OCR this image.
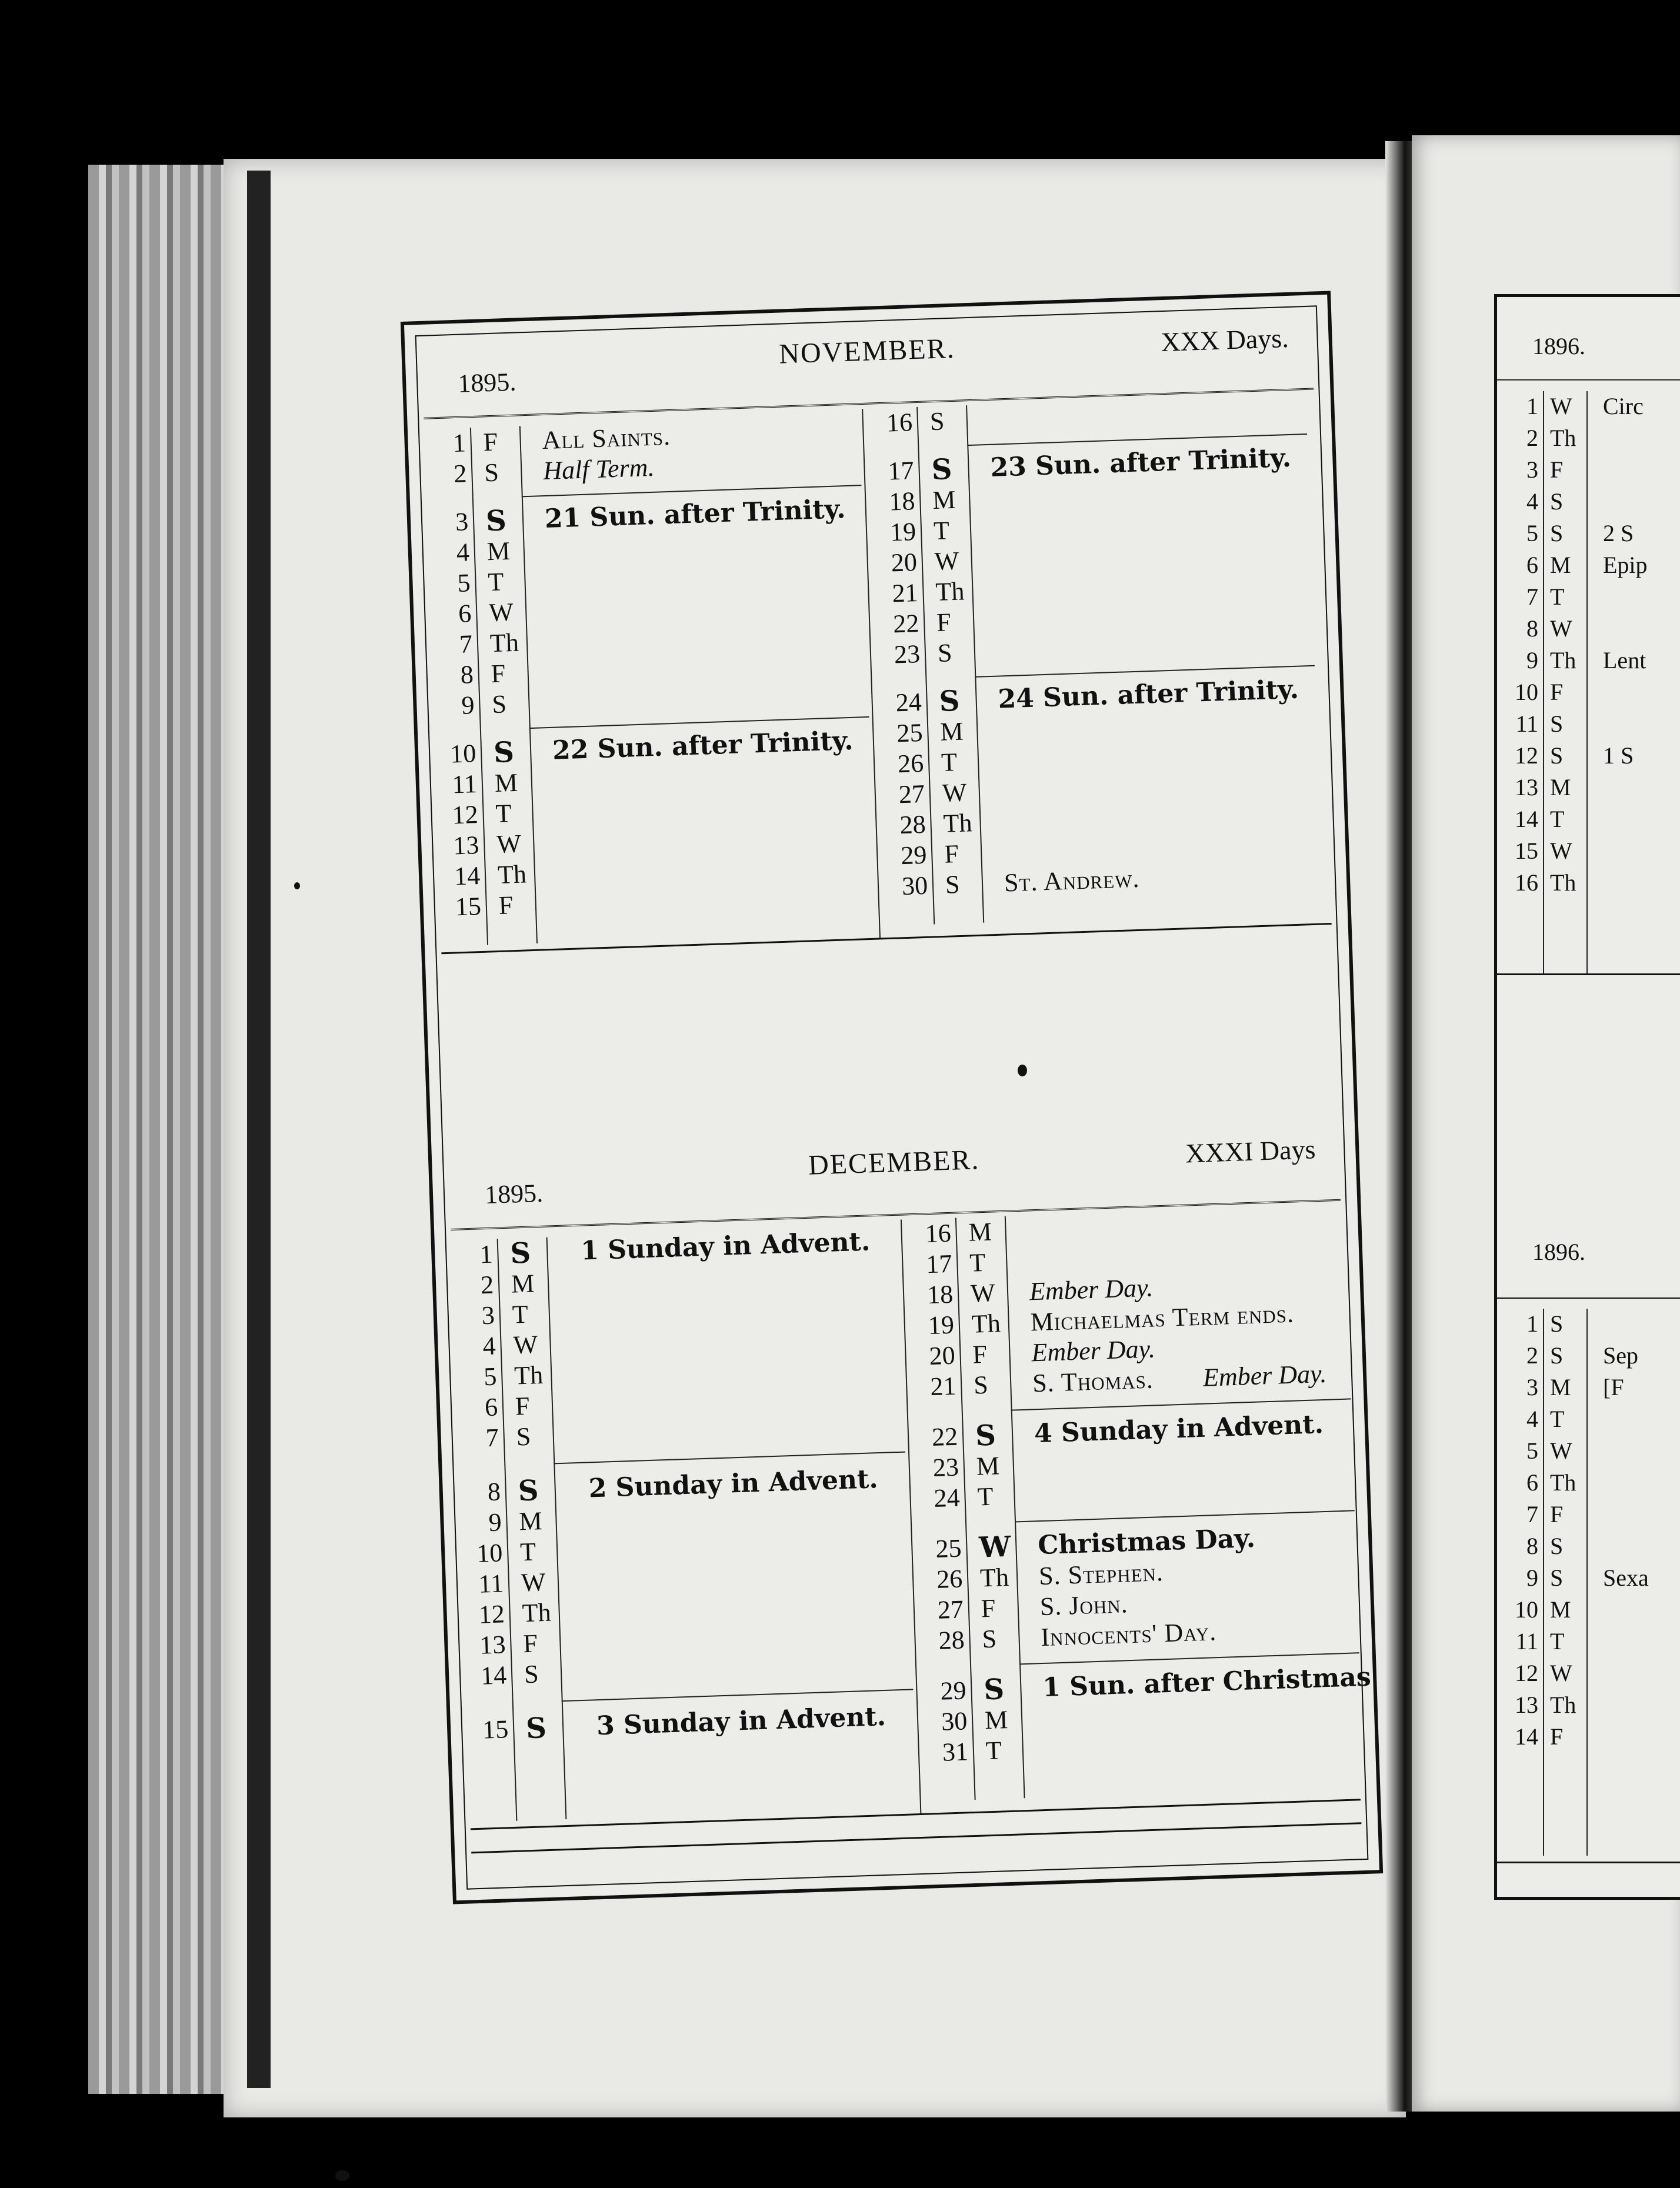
1895.
NOVEMBER.	XXX Days.
1 F All Saints.
2 S Half Term.
3 S 21 Sun. after Trinity.
4 M
5 T
6 W
7 Th
8 F
9 S
10 S 22 Sun. after Trinity.
11 M
12 T
13 W
14 Th
15 F
16 S
17 S 23 Sun. after Trinity.
18 M
19 T
20 W
21 Th
22 F
23 S
24 S 24 Sun. after Trinity.
25 M
26 T
27 W
28 Th
29 F
30 S St. Andrew.
1895.
DECEMBER.	XXXI Days
1 S 1 Sunday in Advent.
2 M
3 T
4 W
5 Th
6 F
7 S
8 S 2 Sunday in Advent.
9 M
10 T
11 W
12 Th
13 F
14 S
15 S 3 Sunday in Advent.
16 M
17 T
18 W Ember Day.
19 Th Michaelmas Term ends.
20 F Ember Day.
21 S S. Thomas. Ember Day.
22 S 4 Sunday in Advent.
23 M
24 T
25 W Christmas Day.
26 Th S. Stephen.
27 F S. John.
28 S Innocents' Day.
29 S 1 Sun. after Christmas
30 M
31 T
1896.
1 W Circ
2 Th
3 F
4 S
5 S 2 S
6 M Epip
7 T
8 W
9 Th Lent
10 F
11 S
12 S 1 S
13 M
14 T
15 W
16 Th
1896.
1 S
2 S Sep
3 M [F
4 T
5 W
6 Th
7 F
8 S
9 S Sexa
10 M
11 T
12 W
13 Th
14 F
